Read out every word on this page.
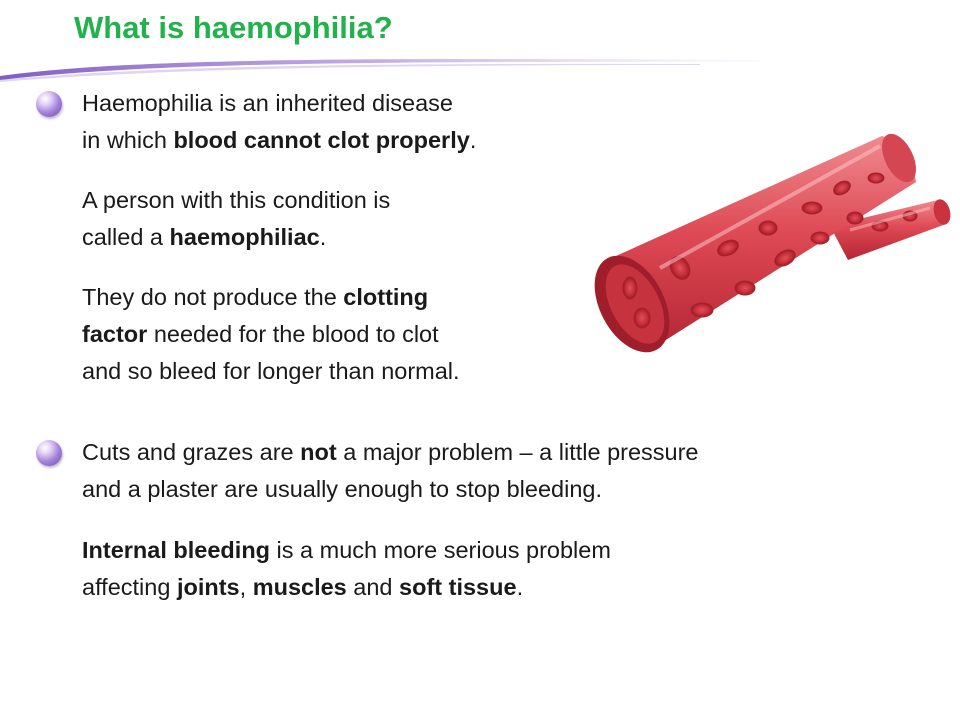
What is haemophilia?

Haemophilia is an inherited disease
in which blood cannot clot properly.

A person with this condition is
called a haemophiliac.

They do not produce the clotting
factor needed for the blood to clot
and so bleed for longer than normal.

Cuts and grazes are not a major problem – a little pressure
and a plaster are usually enough to stop bleeding.

Internal bleeding is a much more serious problem
affecting joints, muscles and soft tissue.
